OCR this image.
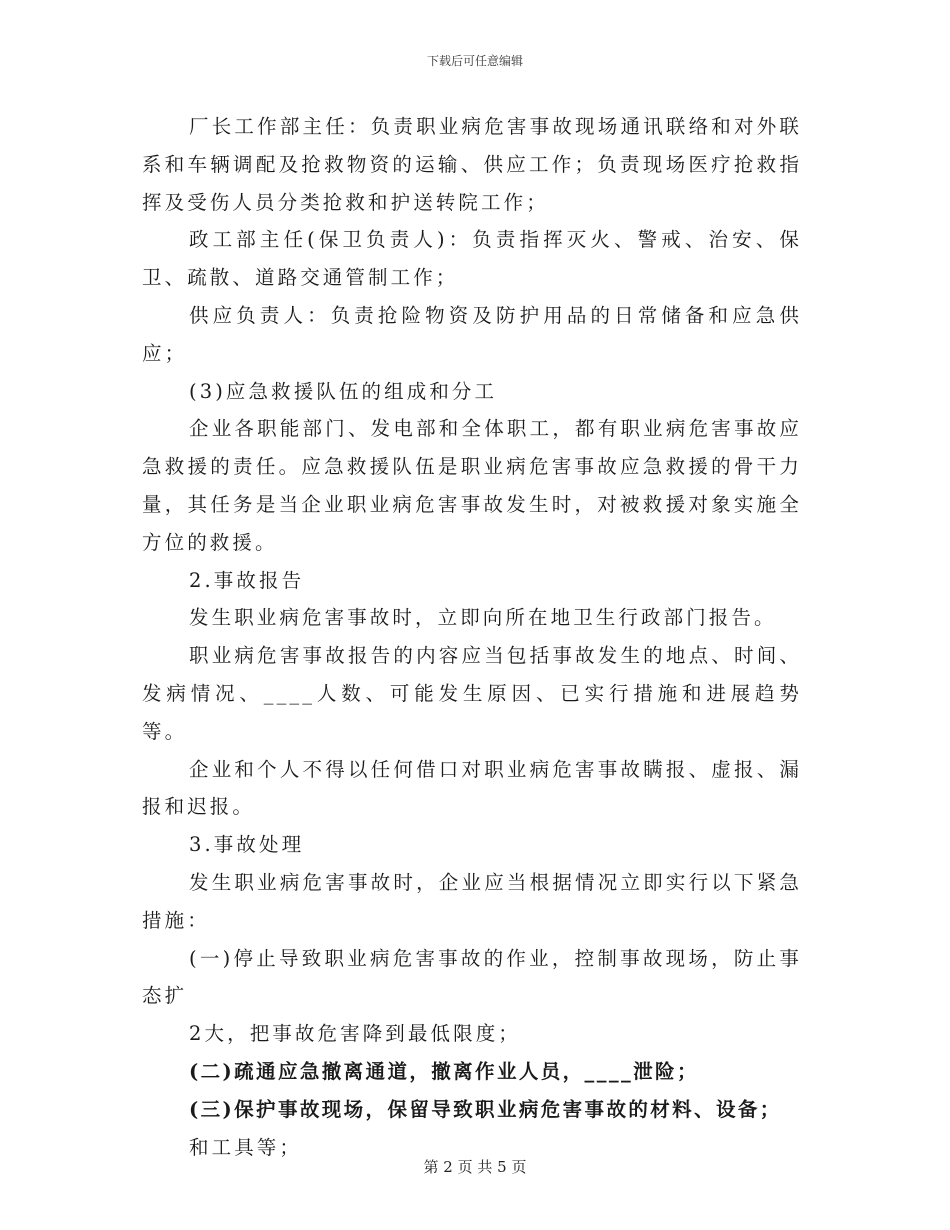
下载后可任意编辑

厂长工作部主任：负责职业病危害事故现场通讯联络和对外联系和车辆调配及抢救物资的运输、供应工作；负责现场医疗抢救指挥及受伤人员分类抢救和护送转院工作；

政工部主任(保卫负责人)：负责指挥灭火、警戒、治安、保卫、疏散、道路交通管制工作；

供应负责人：负责抢险物资及防护用品的日常储备和应急供应；

(3)应急救援队伍的组成和分工

企业各职能部门、发电部和全体职工，都有职业病危害事故应急救援的责任。应急救援队伍是职业病危害事故应急救援的骨干力量，其任务是当企业职业病危害事故发生时，对被救援对象实施全方位的救援。

2.事故报告

发生职业病危害事故时，立即向所在地卫生行政部门报告。

职业病危害事故报告的内容应当包括事故发生的地点、时间、发病情况、____人数、可能发生原因、已实行措施和进展趋势等。

企业和个人不得以任何借口对职业病危害事故瞒报、虚报、漏报和迟报。

3.事故处理

发生职业病危害事故时，企业应当根据情况立即实行以下紧急措施：

(一)停止导致职业病危害事故的作业，控制事故现场，防止事态扩

2大，把事故危害降到最低限度；

(二)疏通应急撤离通道，撤离作业人员，____泄险；

(三)保护事故现场，保留导致职业病危害事故的材料、设备；

和工具等；

第 2 页 共 5 页
